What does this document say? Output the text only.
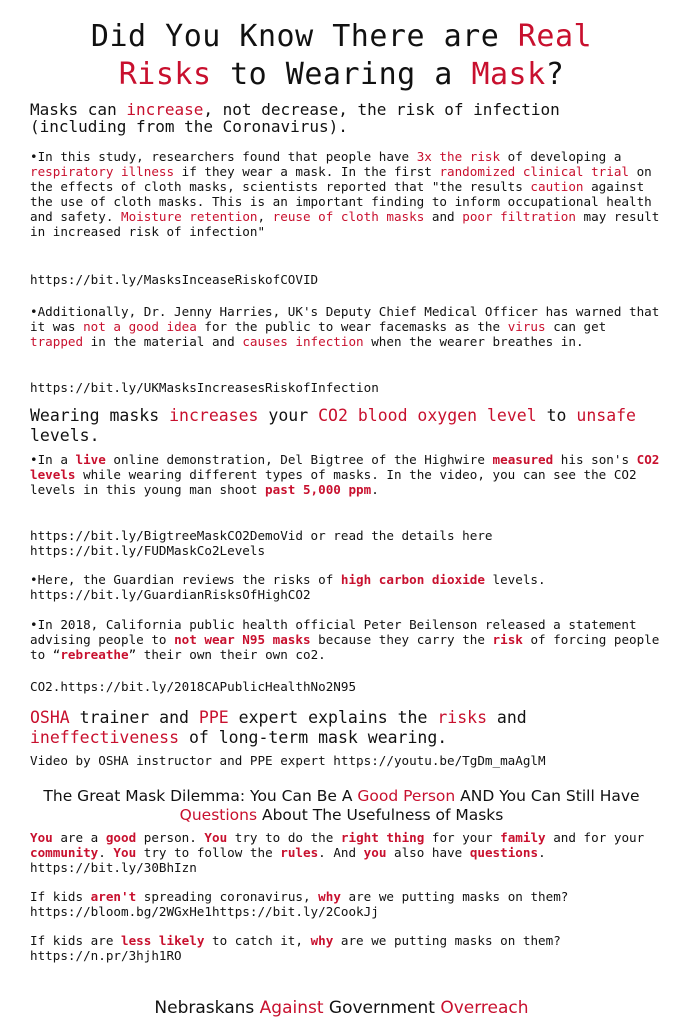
Did You Know There are Real
Risks to Wearing a Mask?
Masks can increase, not decrease, the risk of infection (including from the Coronavirus).
•In this study, researchers found that people have 3x the risk of developing a respiratory illness if they wear a mask. In the first randomized clinical trial on the effects of cloth masks, scientists reported that "the results caution against the use of cloth masks. This is an important finding to inform occupational health and safety. Moisture retention, reuse of cloth masks and poor filtration may result in increased risk of infection"
https://bit.ly/MasksInceaseRiskofCOVID
•Additionally, Dr. Jenny Harries, UK's Deputy Chief Medical Officer has warned that it was not a good idea for the public to wear facemasks as the virus can get trapped in the material and causes infection when the wearer breathes in.
https://bit.ly/UKMasksIncreasesRiskofInfection
Wearing masks increases your CO2 blood oxygen level to unsafe levels.
•In a live online demonstration, Del Bigtree of the Highwire measured his son's CO2 levels while wearing different types of masks. In the video, you can see the CO2 levels in this young man shoot past 5,000 ppm.
https://bit.ly/BigtreeMaskCO2DemoVid or read the details here
https://bit.ly/FUDMaskCo2Levels
•Here, the Guardian reviews the risks of high carbon dioxide levels.
https://bit.ly/GuardianRisksOfHighCO2
•In 2018, California public health official Peter Beilenson released a statement advising people to not wear N95 masks because they carry the risk of forcing people to “rebreathe” their own their own co2.
CO2.https://bit.ly/2018CAPublicHealthNo2N95
OSHA trainer and PPE expert explains the risks and ineffectiveness of long-term mask wearing.
Video by OSHA instructor and PPE expert https://youtu.be/TgDm_maAglM
The Great Mask Dilemma: You Can Be A Good Person AND You Can Still Have Questions About The Usefulness of Masks
You are a good person. You try to do the right thing for your family and for your community. You try to follow the rules. And you also have questions. https://bit.ly/30BhIzn
If kids aren't spreading coronavirus, why are we putting masks on them?
https://bloom.bg/2WGxHe1https://bit.ly/2CookJj
If kids are less likely to catch it, why are we putting masks on them?
https://n.pr/3hjh1RO
Nebraskans Against Government Overreach
